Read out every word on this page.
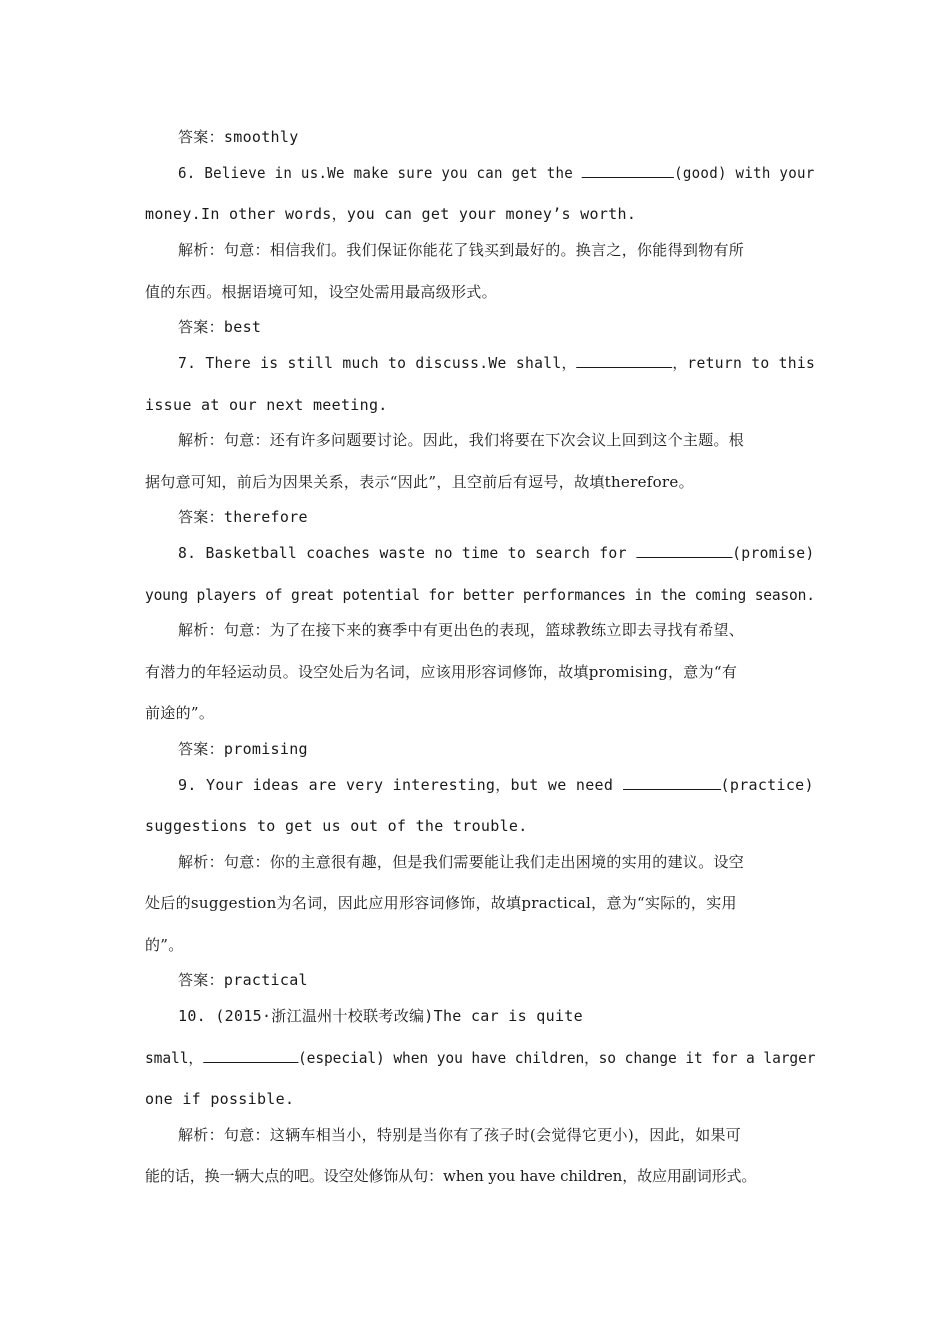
答案：smoothly
6. Believe in us.We make sure you can get the	(good) with your
money.In other words，you can get your money’s worth.
解析：句意：相信我们。我们保证你能花了钱买到最好的。换言之，你能得到物有所
值的东西。根据语境可知，设空处需用最高级形式。
答案：best
7. There is still much to discuss.We shall，	，return to this
issue at our next meeting.
解析：句意：还有许多问题要讨论。因此，我们将要在下次会议上回到这个主题。根
据句意可知，前后为因果关系，表示“因此”，且空前后有逗号，故填therefore。
答案：therefore
8. Basketball coaches waste no time to search for	(promise)
young players of great potential for better performances in the coming season.
解析：句意：为了在接下来的赛季中有更出色的表现，篮球教练立即去寻找有希望、
有潜力的年轻运动员。设空处后为名词，应该用形容词修饰，故填promising，意为“有
前途的”。
答案：promising
9. Your ideas are very interesting，but we need	(practice)
suggestions to get us out of the trouble.
解析：句意：你的主意很有趣，但是我们需要能让我们走出困境的实用的建议。设空
处后的suggestion为名词，因此应用形容词修饰，故填practical，意为“实际的，实用
的”。
答案：practical
10. (2015·浙江温州十校联考改编)The car is quite
small，	(especial) when you have children，so change it for a larger
one if possible.
解析：句意：这辆车相当小，特别是当你有了孩子时(会觉得它更小)，因此，如果可
能的话，换一辆大点的吧。设空处修饰从句：when you have children，故应用副词形式。
